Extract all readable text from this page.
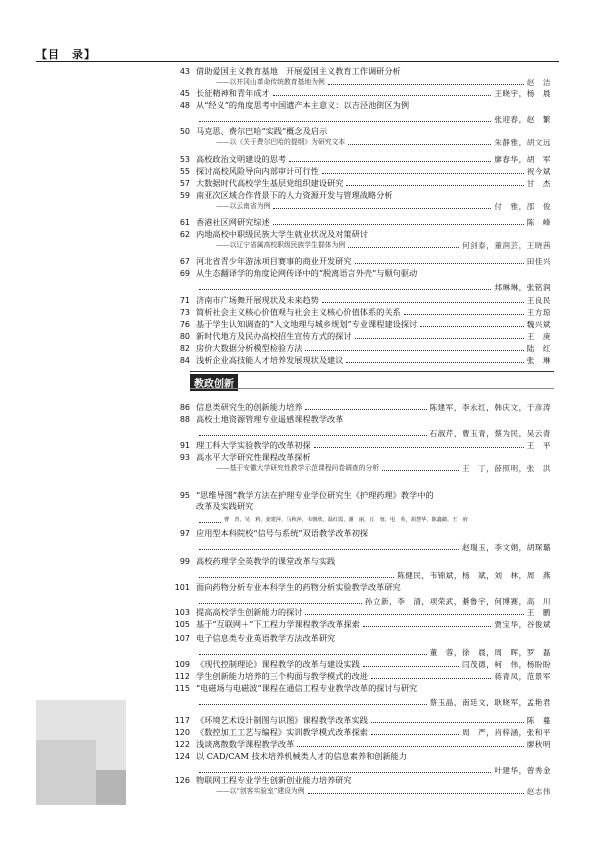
【目　录】
教政创新
43 借助爱国主义教育基地　开展爱国主义教育工作调研分析
——以井冈山革命传统教育基地为例	赵　洁
45 长征精神和青年成才	王晓宇，杨　晨
48 从“经义”的角度思考中国遗产本主意义：以吉泾池街区为例
张迎春，赵　繁
50 马克思、费尔巴哈“实践”概念及启示
——以《关于费尔巴哈的提纲》为研究文本	朱静雅，胡文远
53 高校政治文明建设的思考	廖春华，胡　军
55 探讨高校风险导向内部审计可行性	祝今斌
57 大数据时代高校学生基层党组织建设研究	甘　杰
59 南亚次区域合作背景下的人力资源开发与管理战略分析
——以云南省为例	付　雅，邵　俊
61 香港社区网研究综述	陈　峰
62 内地高校中职级民族大学生就业状况及对策研讨
——以辽宁省属高校职级民族学生群体为例	何剑泰，董润芸，王晓茜
67 河北省青少年游泳项目赛事的商业开发研究	田佳兴
69 从生态翻译学的角度论网传译中的“脱离语言外壳”与顺句驱动
邦琳琳，张铭润
71 济南市广场舞开展现状及未来趋势	王良民
73 简析社会主义核心价值观与社会主义核心价值体系的关系	王方琼
76 基于学生认知调查的“人文地理与城乡规划”专业课程建设探讨	魏兴斌
80 新时代地方及民办高校招生宣传方式的探讨	王　庚
82 房价大数据分析模型检验方法	陆　红
84 浅析企业高技能人才培养发展现状及建议	张　琳
86 信息类研究生的创新能力培养	陈建军，李永红，韩庆文，于彦涛
88 高校土地资源管理专业遥感课程教学改革
石淑芹，曹玉青，蔡为民，吴云青
91 理工科大学实验教学的改革初探	王　平
93 高水平大学研究性课程改革探析
——基于安徽大学研究性教学示范课程问卷调查的分析	王　丁，薛照明，张　洪
95 “思维导图”教学方法在护理专业学位研究生《护理药理》教学中的
改革及实践研究
曹　青，吴　莉，姜建萍，马秋萍，韦朝欣，温红霞，谢　丽，丘　蓉，电　英，胡慧华，陈鑫懿，王　府
97 应用型本科院校“信号与系统”双语教学改革初探
赵瑞玉，李文娟，胡琛璐
99 高校药理学全英教学的课堂改革与实践
陈健民，韦锦斌，杨　斌，刘　林，周　燕
101 面向药物分析专业本科学生的药物分析实验教学改革研究
孙立新，李　清，项荣武，綦鲁宇，何博赛，高　川
103 提高高校学生创新能力的探讨	王　鹏
105 基于“互联网＋”下工程力学课程教学改革探索	贾宝华，谷俊斌
107 电子信息类专业英语教学方法改革研究
董　蓉，徐　晨，周　晖，罗　磊
109 《现代控制理论》课程教学的改革与建设实践	闫茂德，柯　伟，杨盼盼
112 学生创新能力培养的三个构面与教学模式的改进	蒋青凤，范景军
115 “电磁场与电磁波”课程在通信工程专业教学改革的探讨与研究
蔡玉晶，南廷文，耿晓军，孟艳君
117 《环境艺术设计制图与识图》课程教学改革实践	陈　蔓
120 《数控加工工艺与编程》实训教学模式改革探索	周　严，肖梓涵，张和平
122 浅谈离散数学课程教学改革	廖秋明
124 以 CAD/CAM 技术培养机械类人才的信息素养和创新能力
叶建华，曾秀金
126 物联网工程专业学生创新创业能力培养研究
——以“创客实验室”建设为例	赵志伟
